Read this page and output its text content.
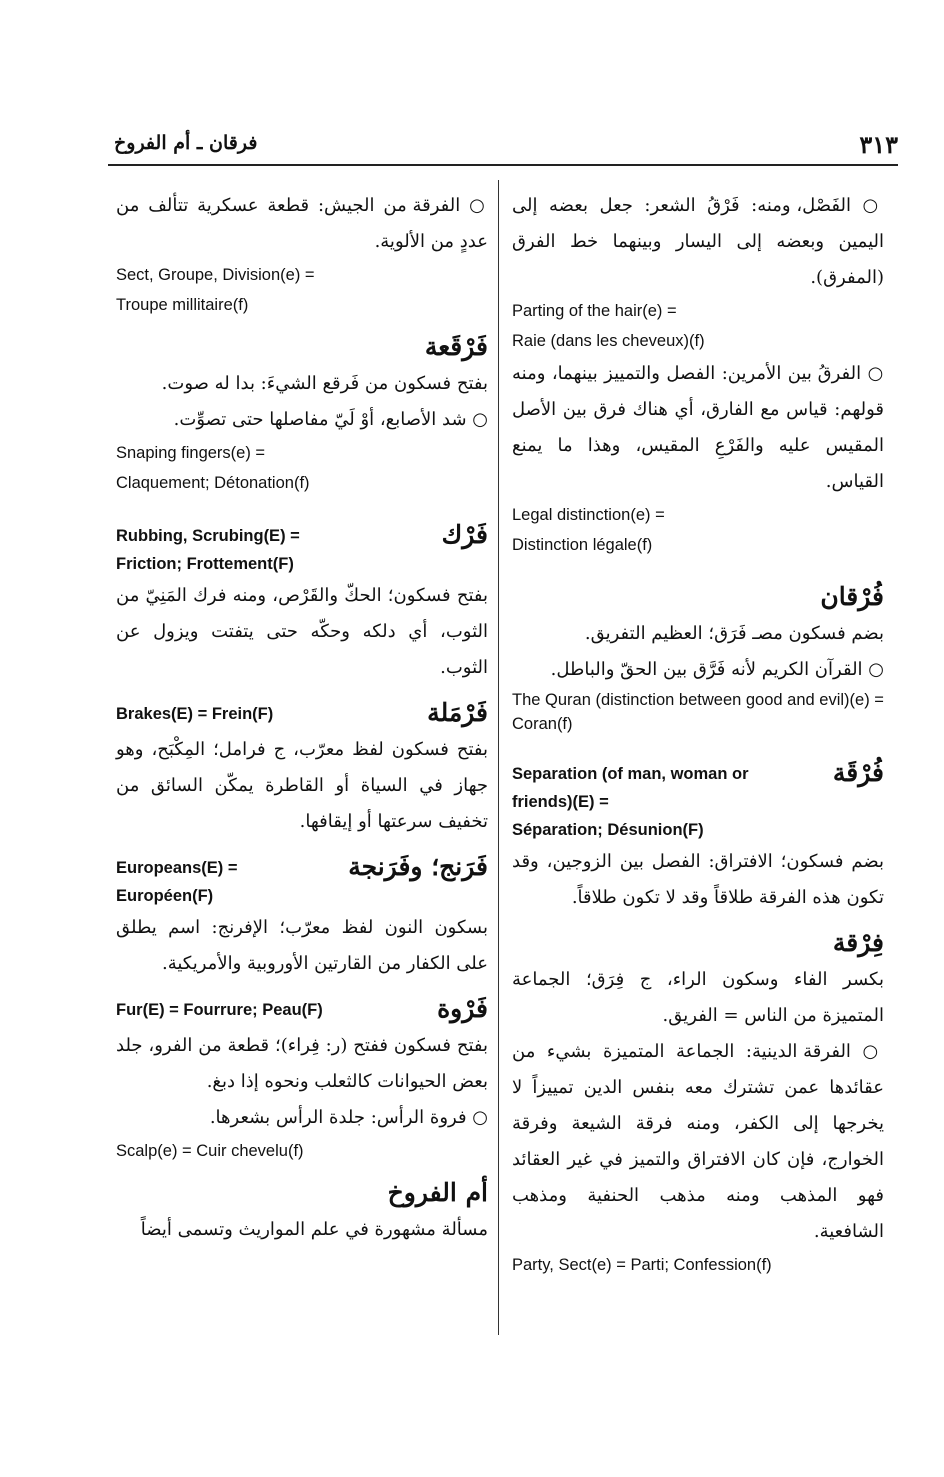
٣١٣
فرقان ـ أم الفروخ
○ الفَصْل، ومنه: فَرْقُ الشعر: جعل بعضه إلى اليمين وبعضه إلى اليسار وبينهما خط الفرق (المفرق).
Parting of the hair(e) =
Raie (dans les cheveux)(f)
○ الفرقُ بين الأمرين: الفصل والتمييز بينهما، ومنه قولهم: قياس مع الفارق، أي هناك فرق بين الأصل المقيس عليه والفَرْعِ المقيس، وهذا ما يمنع القياس.
Legal distinction(e) =
Distinction légale(f)
فُرْقان
بضم فسكون مصـ فَرَق؛ العظيم التفريق.
○ القرآن الكريم لأنه فَرَّق بين الحقّ والباطل.
The Quran (distinction between good and evil)(e) = Coran(f)
فُرْقَة
Separation (of man, woman or friends)(E) =
Séparation; Désunion(F)
بضم فسكون؛ الافتراق: الفصل بين الزوجين، وقد تكون هذه الفرقة طلاقاً وقد لا تكون طلاقاً.
فِرْقة
بكسر الفاء وسكون الراء، ج فِرَق؛ الجماعة المتميزة من الناس = الفريق.
○ الفرقة الدينية: الجماعة المتميزة بشيء من عقائدها عمن تشترك معه بنفس الدين تمييزاً لا يخرجها إلى الكفر، ومنه فرقة الشيعة وفرقة الخوارج، فإن كان الافتراق والتميز في غير العقائد فهو المذهب ومنه مذهب الحنفية ومذهب الشافعية.
Party, Sect(e) = Parti; Confession(f)
○ الفرقة من الجيش: قطعة عسكرية تتألف من عددٍ من الألوية.
Sect, Groupe, Division(e) =
Troupe millitaire(f)
فَرْقَعة
بفتح فسكون من فَرقع الشيءَ: بدا له صوت.
○ شد الأصابع، أوْ لَيّ مفاصلها حتى تصوِّت.
Snaping fingers(e) =
Claquement; Détonation(f)
فَرْك
Rubbing, Scrubing(E) =
Friction; Frottement(F)
بفتح فسكون؛ الحكّ والقَرْص، ومنه فرك المَنِيّ من الثوب، أي دلكه وحكّه حتى يتفتت ويزول عن الثوب.
فَرْمَلة
Brakes(E) = Frein(F)
بفتح فسكون لفظ معرّب، ج فرامل؛ المِكْبَح، وهو جهاز في السياة أو القاطرة يمكّن السائق من تخفيف سرعتها أو إيقافها.
فَرَنج؛ وفَرَنجة
Europeans(E) =
Européen(F)
بسكون النون لفظ معرّب؛ الإفرنج: اسم يطلق على الكفار من القارتين الأوروبية والأمريكية.
فَرْوة
Fur(E) = Fourrure; Peau(F)
بفتح فسكون ففتح (ر: فِراء)؛ قطعة من الفرو، جلد بعض الحيوانات كالثعلب ونحوه إذا دبغ.
○ فروة الرأس: جلدة الرأس بشعرها.
Scalp(e) = Cuir chevelu(f)
أم الفروخ
مسألة مشهورة في علم المواريث وتسمى أيضاً
